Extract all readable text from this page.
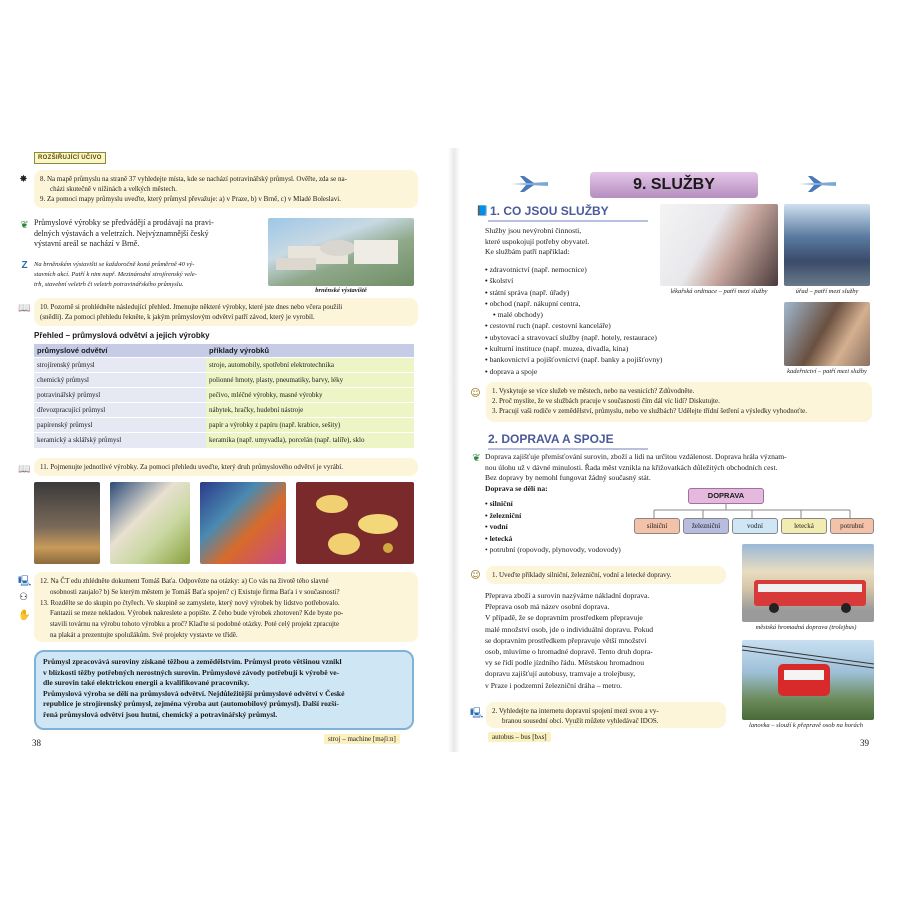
ROZŠIŘUJÍCÍ UČIVO
✸ 8. Na mapě průmyslu na straně 37 vyhledejte místa, kde se nachází potravinářský průmysl. Ověřte, zda se na-
cházi skutečně v nížinách a velkých městech.
9. Za pomoci mapy průmyslu uveďte, který průmysl převažuje: a) v Praze, b) v Brně, c) v Mladé Boleslavi.
❦ Průmyslové výrobky se předvádějí a prodávají na pravi-
delných výstavách a veletrzích. Nejvýznamnější český
výstavní areál se nachází v Brně.
Z Na brněnském výstavišti se každoročně koná průměrně 40 vý-
stavních akcí. Patří k nim např. Mezinárodní strojírenský vele-
trh, stavební veletrh či veletrh potravinářského průmyslu.
brněnské výstaviště
📖 10. Pozorně si prohlédněte následující přehled. Jmenujte některé výrobky, které jste dnes nebo včera použili
(snědli). Za pomoci přehledu řekněte, k jakým průmyslovým odvětví patří závod, který je vyrobil.
Přehled – průmyslová odvětví a jejich výrobky
průmyslové odvětví	příklady výrobků
strojírenský průmysl	stroje, automobily, spotřební elektrotechnika
chemický průmysl	polionné hmoty, plasty, pneumatiky, barvy, léky
potravinářský průmysl	pečivo, mléčné výrobky, masné výrobky
dřevozpracující průmysl	nábytek, hračky, hudební nástroje
papírenský průmysl	papír a výrobky z papíru (např. krabice, sešity)
keramický a sklářský průmysl	keramika (např. umyvadla), porcelán (např. talíře), sklo
📖	11. Pojmenujte jednotlivé výrobky. Za pomoci přehledu uveďte, který druh průmyslového odvětví je vyrábí.
🖳
⚇
✋
12. Na ČT edu zhlédněte dokument Tomáš Baťa. Odpovězte na otázky: a) Co vás na životě tého slavné
osobnosti zaujalo? b) Se kterým městem je Tomáš Baťa spojen? c) Existuje firma Baťa i v současnosti?
13. Rozdělte se do skupin po čtyřech. Ve skupině se zamyslete, který nový výrobek by lidstvo potřebovalo.
Fantazii se meze nekladou. Výrobek nakreslete a popište. Z čeho bude výrobek zhotoven? Kde byste po-
stavili továrnu na výrobu tohoto výrobku a proč? Klaďte si podobné otázky. Poté celý projekt zpracujte
na plakát a prezentujte spolužákům. Své projekty vystavte ve třídě.
Průmysl zpracovává suroviny získané těžbou a zemědělstvím. Průmysl proto většinou vznikl
v blízkosti těžby potřebných nerostných surovin. Průmyslové závody potřebují k výrobě ve-
dle surovin také elektrickou energii a kvalifikované pracovníky.
Průmyslová výroba se dělí na průmyslová odvětví. Nejdůležitější průmyslové odvětví v České
republice je strojírenský průmysl, zejména výroba aut (automobilový průmysl). Další rozší-
řená průmyslová odvětví jsou hutní, chemický a potravinářský průmysl.
38	stroj – machine [məʃiːn]
9. SLUŽBY
📘 1. CO JSOU SLUŽBY
Služby jsou nevýrobní činnosti,
které uspokojují potřeby obyvatel.
Ke službám patří například:
• zdravotnictví (např. nemocnice)
• školství
• státní správa (např. úřady)
• obchod (např. nákupní centra,
• malé obchody)
• cestovní ruch (např. cestovní kanceláře)
• ubytovací a stravovací služby (např. hotely, restaurace)
• kulturní instituce (např. muzea, divadla, kina)
• bankovnictví a pojišťovnictví (např. banky a pojišťovny)
• doprava a spoje
lékařská ordinace – patří mezi služby	úřad – patří mezi služby
kadeřnictví – patří mezi služby
☺ 1. Vyskytuje se více služeb ve městech, nebo na vesnicích? Zdůvodněte.
2. Proč myslíte, že ve službách pracuje v současnosti čím dál víc lidí? Diskutujte.
3. Pracují vaši rodiče v zemědělství, průmyslu, nebo ve službách? Udělejte třídní šetření a výsledky vyhodnoťte.
2. DOPRAVA A SPOJE
❦ Doprava zajišťuje přemísťování surovin, zboží a lidí na určitou vzdálenost. Doprava hrála význam-
nou úlohu už v dávné minulosti. Řada měst vznikla na křižovatkách důležitých obchodních cest.
Bez dopravy by nemohl fungovat žádný současný stát.
Doprava se dělí na:
• silniční
• železniční
• vodní
• letecká
• potrubní (ropovody, plynovody, vodovody)
DOPRAVA
silniční	železniční	vodní	letecká	potrubní
☺	1. Uveďte příklady silniční, železniční, vodní a letecké dopravy.
Přeprava zboží a surovin nazýváme nákladní doprava.
Přeprava osob má název osobní doprava.
V případě, že se dopravním prostředkem přepravuje
malé množství osob, jde o individuální dopravu. Pokud
se dopravním prostředkem přepravuje větší množství
osob, mluvíme o hromadné dopravě. Tento druh dopra-
vy se řídí podle jízdního řádu. Městskou hromadnou
dopravu zajišťují autobusy, tramvaje a trolejbusy,
v Praze i podzemní železniční dráha – metro.
městská hromadná doprava (trolejbus)
lanovka – slouží k přepravě osob na horách
🖳 2. Vyhledejte na internetu dopravní spojení mezi svou a vy-
branou sousední obcí. Využít můžete vyhledávač IDOS.
autobus – bus [bʌs]
39
